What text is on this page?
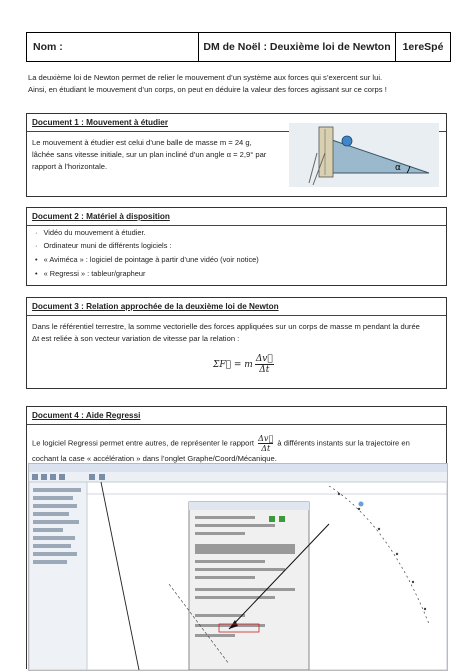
Nom :	DM de Noël : Deuxième loi de Newton 1ereSpé
La deuxième loi de Newton permet de relier le mouvement d’un système aux forces qui s’exercent sur lui.
Ainsi, en étudiant le mouvement d’un corps, on peut en déduire la valeur des forces agissant sur ce corps !
Document 1 : Mouvement à étudier
Le mouvement à étudier est celui d’une balle de masse m = 24 g,
lâchée sans vitesse initiale, sur un plan incliné d’un angle α = 2,9° par
rapport à l’horizontale.	α
Document 2 : Matériel à disposition
· Vidéo du mouvement à étudier.
· Ordinateur muni de différents logiciels :
• « Aviméca » : logiciel de pointage à partir d’une vidéo (voir notice)
• « Regressi » : tableur/grapheur
Document 3 : Relation approchée de la deuxième loi de Newton
Dans le référentiel terrestre, la somme vectorielle des forces appliquées sur un corps de masse m pendant la durée
Δt est reliée à son vecteur variation de vitesse par la relation :
ΣF⃗ = m $\frac{\Delta v⃗}{\Delta t}$
Document 4 : Aide Regressi
Le logiciel Regressi permet entre autres, de représenter le rapport $\frac{\Delta v⃗}{\Delta t}$ à différents instants sur la trajectoire en
cochant la case « accélération » dans l’onglet Graphe/Coord/Mécanique.
